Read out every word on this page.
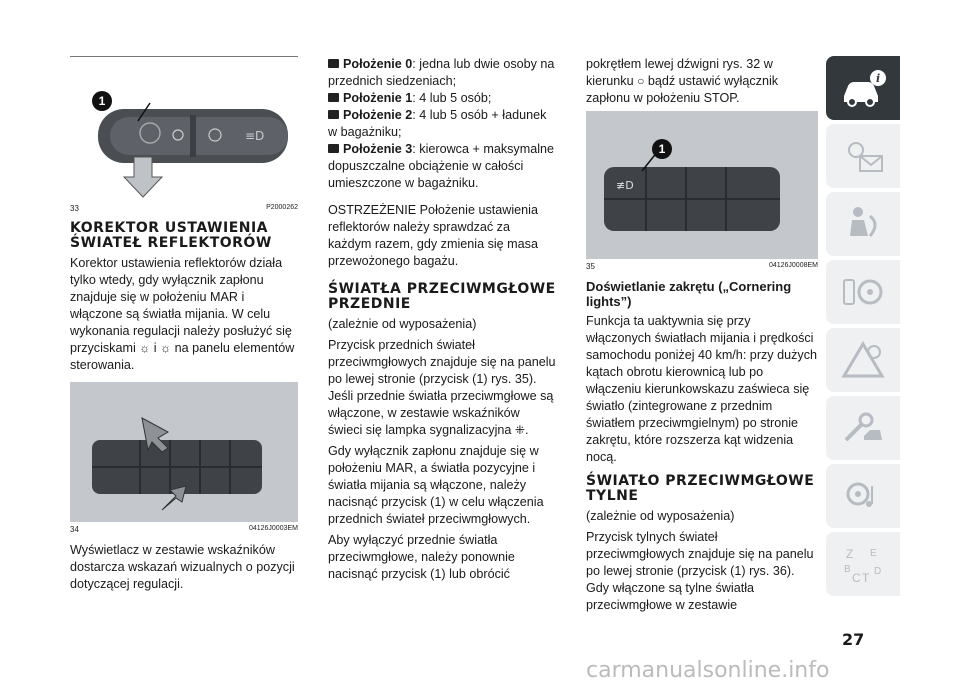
≡D
1
33	P2000262
KOREKTOR USTAWIENIA ŚWIATEŁ REFLEKTORÓW

Korektor ustawienia reflektorów działa tylko wtedy, gdy wyłącznik zapłonu znajduje się w położeniu MAR i włączone są światła mijania. W celu wykonania regulacji należy posłużyć się przyciskami ☼ i ☼ na panelu elementów sterowania.

34	04126J0003EM

Wyświetlacz w zestawie wskaźników dostarcza wskazań wizualnych o pozycji dotyczącej regulacji.

Położenie 0: jedna lub dwie osoby na przednich siedzeniach;
Położenie 1: 4 lub 5 osób;
Położenie 2: 4 lub 5 osób + ładunek w bagażniku;
Położenie 3: kierowca + maksymalne dopuszczalne obciążenie w całości umieszczone w bagażniku.

OSTRZEŻENIE Położenie ustawienia reflektorów należy sprawdzać za każdym razem, gdy zmienia się masa przewożonego bagażu.

ŚWIATŁA PRZECIWMGŁOWE PRZEDNIE

(zależnie od wyposażenia)

Przycisk przednich świateł przeciwmgłowych znajduje się na panelu po lewej stronie (przycisk (1) rys. 35). Jeśli przednie światła przeciwmgłowe są włączone, w zestawie wskaźników świeci się lampka sygnalizacyjna ⁜.

Gdy wyłącznik zapłonu znajduje się w położeniu MAR, a światła pozycyjne i światła mijania są włączone, należy nacisnąć przycisk (1) w celu włączenia przednich świateł przeciwmgłowych.

Aby wyłączyć przednie światła przeciwmgłowe, należy ponownie nacisnąć przycisk (1) lub obrócić

pokrętłem lewej dźwigni rys. 32 w kierunku ○ bądź ustawić wyłącznik zapłonu w położeniu STOP.

≢D
1
35	04126J0008EM
Doświetlanie zakrętu („Cornering lights”)

Funkcja ta uaktywnia się przy włączonych światłach mijania i prędkości samochodu poniżej 40 km/h: przy dużych kątach obrotu kierownicą lub po włączeniu kierunkowskazu zaświeca się światło (zintegrowane z przednim światłem przeciwmgielnym) po stronie zakrętu, które rozszerza kąt widzenia nocą.

ŚWIATŁO PRZECIWMGŁOWE TYLNE

(zależnie od wyposażenia)

Przycisk tylnych świateł przeciwmgłowych znajduje się na panelu po lewej stronie (przycisk (1) rys. 36). Gdy włączone są tylne światła przeciwmgłowe w zestawie

i
Z E
B
C T D
27
carmanualsonline.info
